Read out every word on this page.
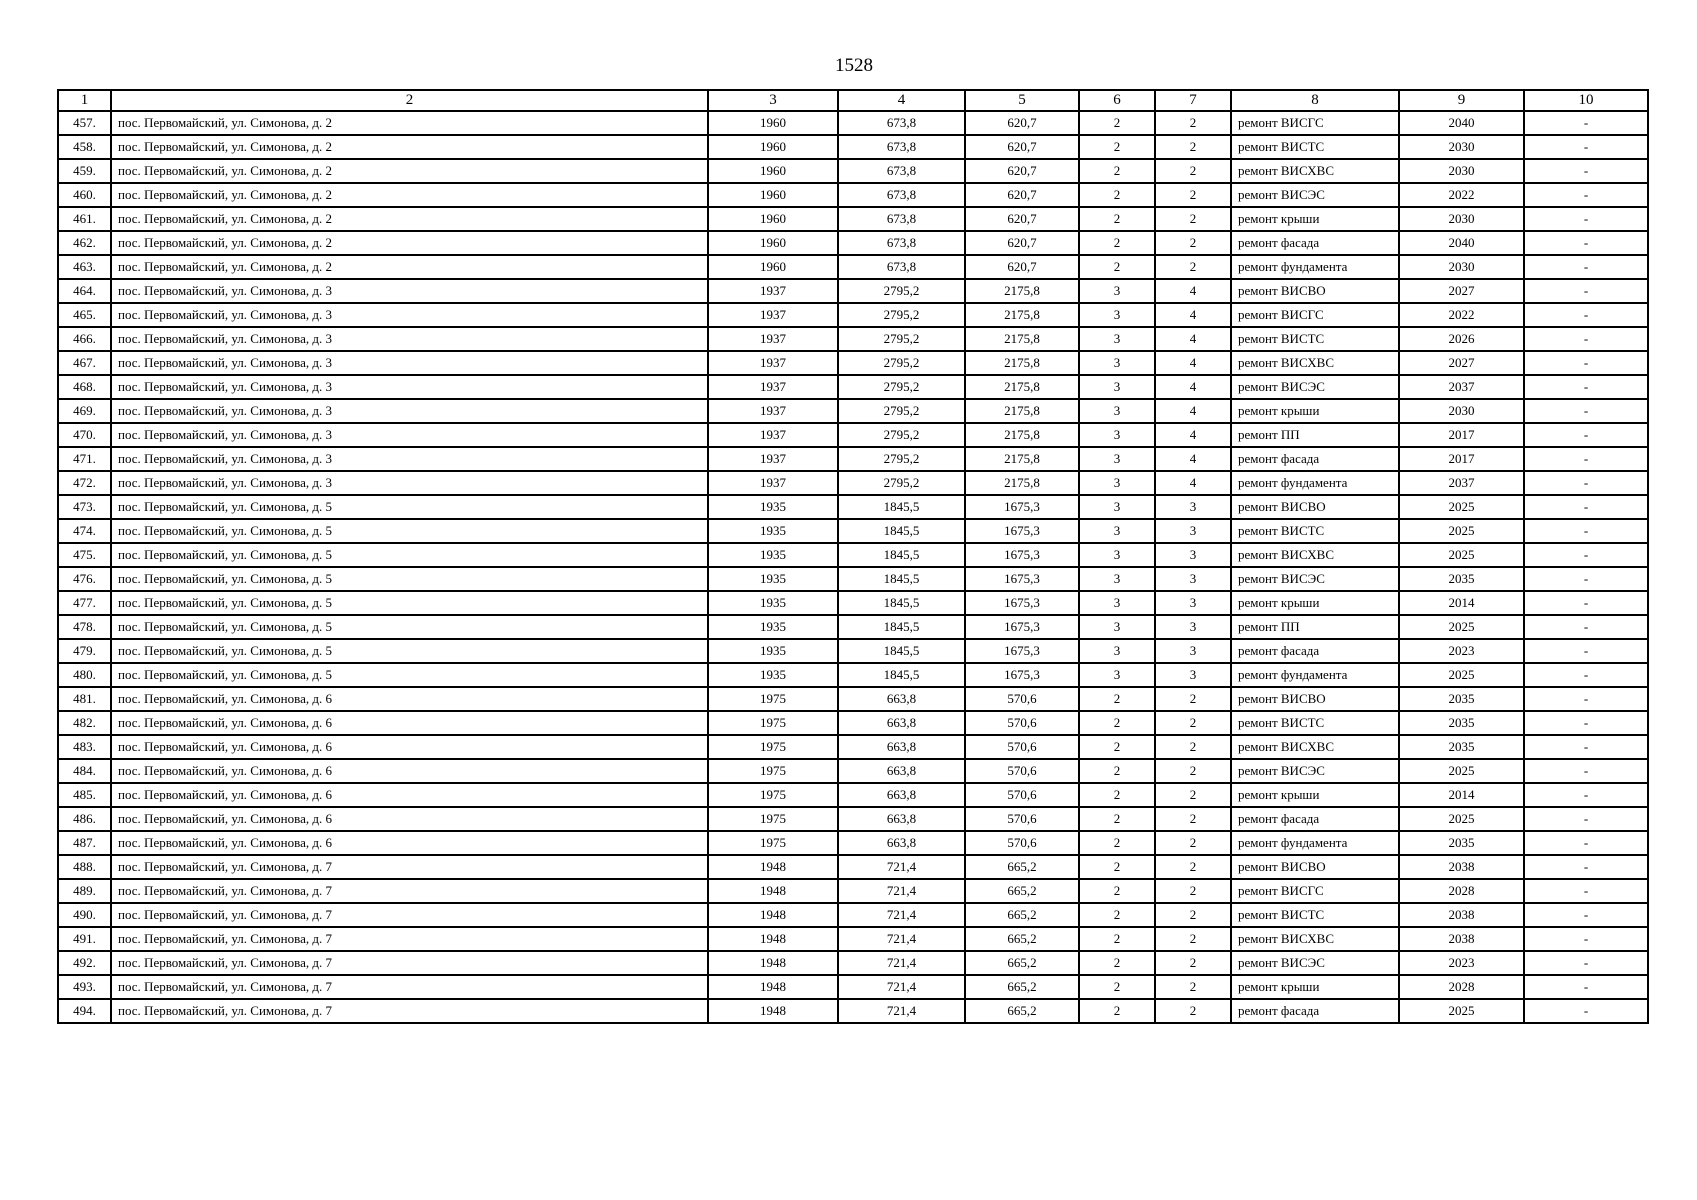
1528
1	2	3	4	5	6	7	8	9	10
457.	пос. Первомайский, ул. Симонова, д. 2	1960	673,8	620,7	2	2	ремонт ВИСГС	2040	-
458.	пос. Первомайский, ул. Симонова, д. 2	1960	673,8	620,7	2	2	ремонт ВИСТС	2030	-
459.	пос. Первомайский, ул. Симонова, д. 2	1960	673,8	620,7	2	2	ремонт ВИСХВС	2030	-
460.	пос. Первомайский, ул. Симонова, д. 2	1960	673,8	620,7	2	2	ремонт ВИСЭС	2022	-
461.	пос. Первомайский, ул. Симонова, д. 2	1960	673,8	620,7	2	2	ремонт крыши	2030	-
462.	пос. Первомайский, ул. Симонова, д. 2	1960	673,8	620,7	2	2	ремонт фасада	2040	-
463.	пос. Первомайский, ул. Симонова, д. 2	1960	673,8	620,7	2	2	ремонт фундамента	2030	-
464.	пос. Первомайский, ул. Симонова, д. 3	1937	2795,2	2175,8	3	4	ремонт ВИСВО	2027	-
465.	пос. Первомайский, ул. Симонова, д. 3	1937	2795,2	2175,8	3	4	ремонт ВИСГС	2022	-
466.	пос. Первомайский, ул. Симонова, д. 3	1937	2795,2	2175,8	3	4	ремонт ВИСТС	2026	-
467.	пос. Первомайский, ул. Симонова, д. 3	1937	2795,2	2175,8	3	4	ремонт ВИСХВС	2027	-
468.	пос. Первомайский, ул. Симонова, д. 3	1937	2795,2	2175,8	3	4	ремонт ВИСЭС	2037	-
469.	пос. Первомайский, ул. Симонова, д. 3	1937	2795,2	2175,8	3	4	ремонт крыши	2030	-
470.	пос. Первомайский, ул. Симонова, д. 3	1937	2795,2	2175,8	3	4	ремонт ПП	2017	-
471.	пос. Первомайский, ул. Симонова, д. 3	1937	2795,2	2175,8	3	4	ремонт фасада	2017	-
472.	пос. Первомайский, ул. Симонова, д. 3	1937	2795,2	2175,8	3	4	ремонт фундамента	2037	-
473.	пос. Первомайский, ул. Симонова, д. 5	1935	1845,5	1675,3	3	3	ремонт ВИСВО	2025	-
474.	пос. Первомайский, ул. Симонова, д. 5	1935	1845,5	1675,3	3	3	ремонт ВИСТС	2025	-
475.	пос. Первомайский, ул. Симонова, д. 5	1935	1845,5	1675,3	3	3	ремонт ВИСХВС	2025	-
476.	пос. Первомайский, ул. Симонова, д. 5	1935	1845,5	1675,3	3	3	ремонт ВИСЭС	2035	-
477.	пос. Первомайский, ул. Симонова, д. 5	1935	1845,5	1675,3	3	3	ремонт крыши	2014	-
478.	пос. Первомайский, ул. Симонова, д. 5	1935	1845,5	1675,3	3	3	ремонт ПП	2025	-
479.	пос. Первомайский, ул. Симонова, д. 5	1935	1845,5	1675,3	3	3	ремонт фасада	2023	-
480.	пос. Первомайский, ул. Симонова, д. 5	1935	1845,5	1675,3	3	3	ремонт фундамента	2025	-
481.	пос. Первомайский, ул. Симонова, д. 6	1975	663,8	570,6	2	2	ремонт ВИСВО	2035	-
482.	пос. Первомайский, ул. Симонова, д. 6	1975	663,8	570,6	2	2	ремонт ВИСТС	2035	-
483.	пос. Первомайский, ул. Симонова, д. 6	1975	663,8	570,6	2	2	ремонт ВИСХВС	2035	-
484.	пос. Первомайский, ул. Симонова, д. 6	1975	663,8	570,6	2	2	ремонт ВИСЭС	2025	-
485.	пос. Первомайский, ул. Симонова, д. 6	1975	663,8	570,6	2	2	ремонт крыши	2014	-
486.	пос. Первомайский, ул. Симонова, д. 6	1975	663,8	570,6	2	2	ремонт фасада	2025	-
487.	пос. Первомайский, ул. Симонова, д. 6	1975	663,8	570,6	2	2	ремонт фундамента	2035	-
488.	пос. Первомайский, ул. Симонова, д. 7	1948	721,4	665,2	2	2	ремонт ВИСВО	2038	-
489.	пос. Первомайский, ул. Симонова, д. 7	1948	721,4	665,2	2	2	ремонт ВИСГС	2028	-
490.	пос. Первомайский, ул. Симонова, д. 7	1948	721,4	665,2	2	2	ремонт ВИСТС	2038	-
491.	пос. Первомайский, ул. Симонова, д. 7	1948	721,4	665,2	2	2	ремонт ВИСХВС	2038	-
492.	пос. Первомайский, ул. Симонова, д. 7	1948	721,4	665,2	2	2	ремонт ВИСЭС	2023	-
493.	пос. Первомайский, ул. Симонова, д. 7	1948	721,4	665,2	2	2	ремонт крыши	2028	-
494.	пос. Первомайский, ул. Симонова, д. 7	1948	721,4	665,2	2	2	ремонт фасада	2025	-
